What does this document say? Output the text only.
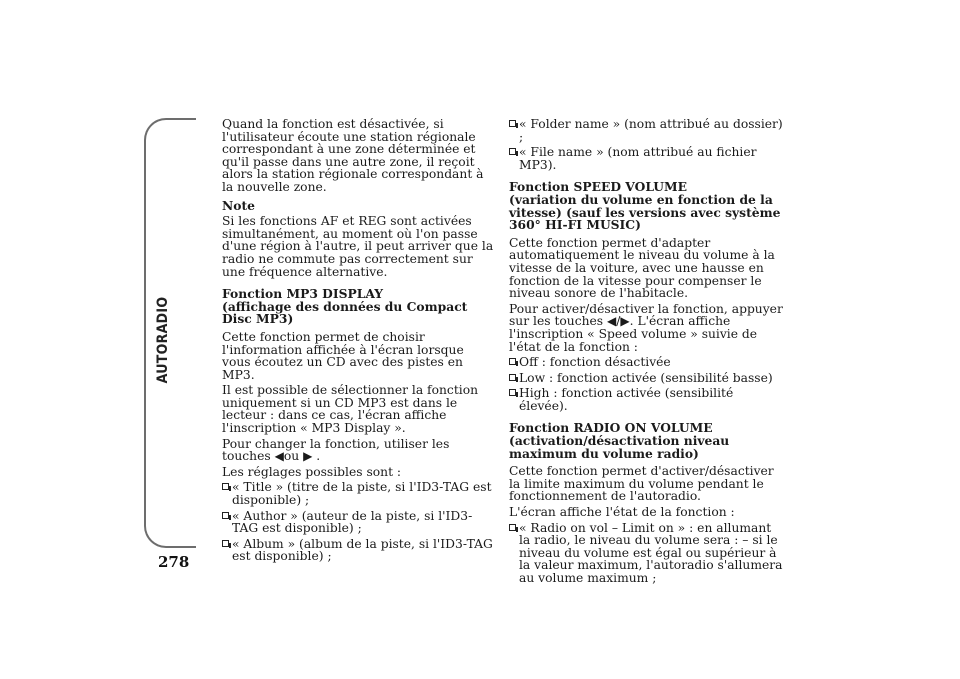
AUTORADIO
278

Quand la fonction est désactivée, si l'utilisateur écoute une station régionale correspondant à une zone déterminée et qu'il passe dans une autre zone, il reçoit alors la station régionale correspondant à la nouvelle zone.

Note

Si les fonctions AF et REG sont activées simultanément, au moment où l'on passe d'une région à l'autre, il peut arriver que la radio ne commute pas correctement sur une fréquence alternative.

Fonction MP3 DISPLAY
(affichage des données du Compact Disc MP3)

Cette fonction permet de choisir l'information affichée à l'écran lorsque vous écoutez un CD avec des pistes en MP3.

Il est possible de sélectionner la fonction uniquement si un CD MP3 est dans le lecteur : dans ce cas, l'écran affiche l'inscription « MP3 Display ».

Pour changer la fonction, utiliser les touches ◀ou ▶ .

Les réglages possibles sont :

« Title » (titre de la piste, si l'ID3-TAG est disponible) ;
« Author » (auteur de la piste, si l'ID3-TAG est disponible) ;
« Album » (album de la piste, si l'ID3-TAG est disponible) ;
« Folder name » (nom attribué au dossier) ;
« File name » (nom attribué au fichier MP3).
Fonction SPEED VOLUME
(variation du volume en fonction de la vitesse) (sauf les versions avec système 360° HI-FI MUSIC)

Cette fonction permet d'adapter automatiquement le niveau du volume à la vitesse de la voiture, avec une hausse en fonction de la vitesse pour compenser le niveau sonore de l'habitacle.

Pour activer/désactiver la fonction, appuyer sur les touches ◀/▶. L'écran affiche l'inscription « Speed volume » suivie de l'état de la fonction :

Off : fonction désactivée
Low : fonction activée (sensibilité basse)
High : fonction activée (sensibilité élevée).
Fonction RADIO ON VOLUME
(activation/désactivation niveau maximum du volume radio)

Cette fonction permet d'activer/désactiver la limite maximum du volume pendant le fonctionnement de l'autoradio.

L'écran affiche l'état de la fonction :

« Radio on vol – Limit on » : en allumant la radio, le niveau du volume sera : – si le niveau du volume est égal ou supérieur à la valeur maximum, l'autoradio s'allumera au volume maximum ;
